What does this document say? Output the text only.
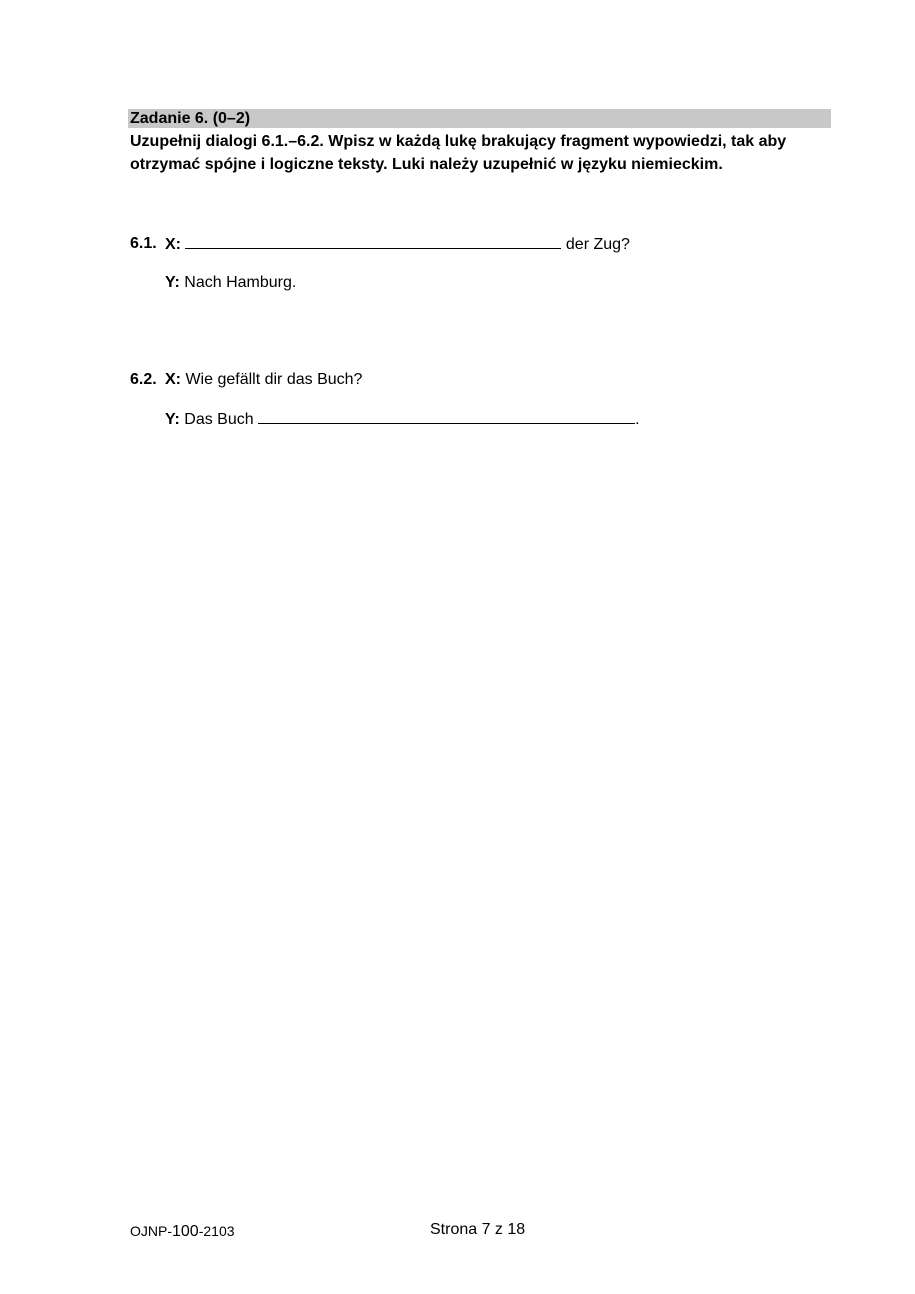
Zadanie 6. (0–2)
Uzupełnij dialogi 6.1.–6.2. Wpisz w każdą lukę brakujący fragment wypowiedzi, tak aby otrzymać spójne i logiczne teksty. Luki należy uzupełnić w języku niemieckim.
6.1. X:	der Zug?
Y: Nach Hamburg.
6.2. X: Wie gefällt dir das Buch?
Y: Das Buch	.
OJNP-100-2103	Strona 7 z 18
